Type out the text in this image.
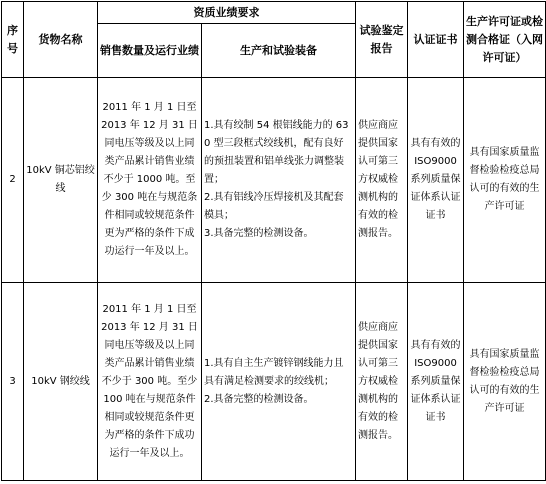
序号	货物名称	资质业绩要求		试验鉴定报告	认证证书	生产许可证或检测合格证（入网许可证）
		销售数量及运行业绩	生产和试验装备			
2	10kV 铜芯铝绞线	2011 年 1 月 1 日至 2013 年 12 月 31 日同电压等级及以上同类产品累计销售业绩不少于 1000 吨。至少 300 吨在与规范条件相同或较规范条件更为严格的条件下成功运行一年及以上。	1.具有绞制 54 根铝线能力的 630 型三段框式绞线机，配有良好的预扭装置和铝单线张力调整装置；
2.具有铝线冷压焊接机及其配套模具；
3.具备完整的检测设备。	供应商应提供国家认可第三方权威检测机构的有效的检测报告。	具有有效的 ISO9000 系列质量保证体系认证证书	具有国家质量监督检验检疫总局认可的有效的生产许可证
3	10kV 钢绞线	2011 年 1 月 1 日至 2013 年 12 月 31 日同电压等级及以上同类产品累计销售业绩不少于 300 吨。至少 100 吨在与规范条件相同或较规范条件更为严格的条件下成功运行一年及以上。	1.具有自主生产镀锌钢线能力且具有满足检测要求的绞线机；
2.具备完整的检测设备。	供应商应提供国家认可第三方权威检测机构的有效的检测报告。	具有有效的 ISO9000 系列质量保证体系认证证书	具有国家质量监督检验检疫总局认可的有效的生产许可证
